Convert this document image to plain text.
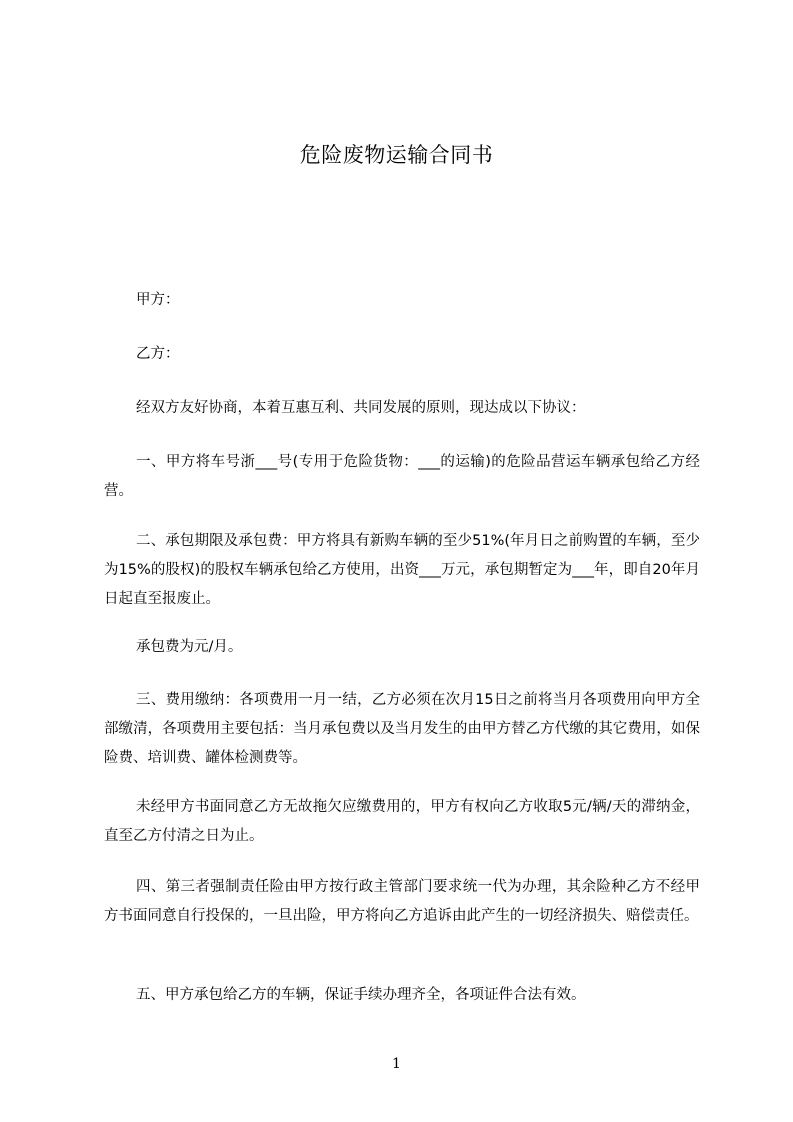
危险废物运输合同书
甲方：
乙方：
经双方友好协商，本着互惠互利、共同发展的原则，现达成以下协议：
一、甲方将车号浙___号(专用于危险货物：___的运输)的危险品营运车辆承包给乙方经营。
二、承包期限及承包费：甲方将具有新购车辆的至少51%(年月日之前购置的车辆，至少为15%的股权)的股权车辆承包给乙方使用，出资___万元，承包期暂定为___年，即自20年月日起直至报废止。
承包费为元/月。
三、费用缴纳：各项费用一月一结，乙方必须在次月15日之前将当月各项费用向甲方全部缴清，各项费用主要包括：当月承包费以及当月发生的由甲方替乙方代缴的其它费用，如保险费、培训费、罐体检测费等。
未经甲方书面同意乙方无故拖欠应缴费用的，甲方有权向乙方收取5元/辆/天的滞纳金，直至乙方付清之日为止。
四、第三者强制责任险由甲方按行政主管部门要求统一代为办理，其余险种乙方不经甲方书面同意自行投保的，一旦出险，甲方将向乙方追诉由此产生的一切经济损失、赔偿责任。
五、甲方承包给乙方的车辆，保证手续办理齐全，各项证件合法有效。
1
